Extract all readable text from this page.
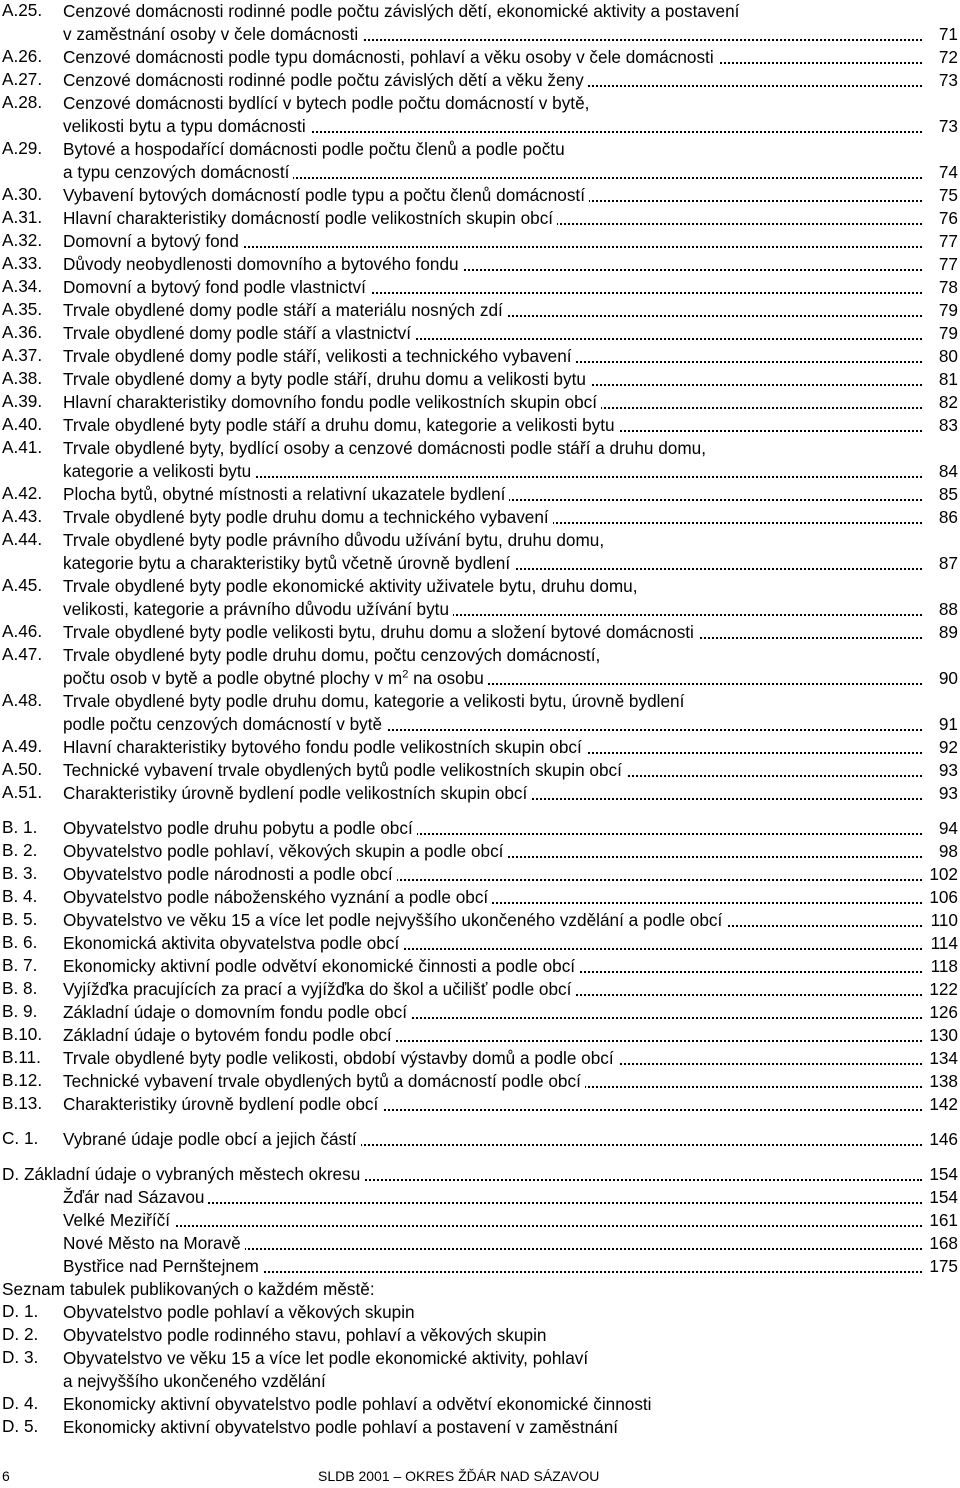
A.25. Cenzové domácnosti rodinné podle počtu závislých dětí, ekonomické aktivity a postavení
v zaměstnání osoby v čele domácnosti	71
A.26. Cenzové domácnosti podle typu domácnosti, pohlaví a věku osoby v čele domácnosti	72
A.27. Cenzové domácnosti rodinné podle počtu závislých dětí a věku ženy	73
A.28. Cenzové domácnosti bydlící v bytech podle počtu domácností v bytě,
velikosti bytu a typu domácnosti	73
A.29. Bytové a hospodařící domácnosti podle počtu členů a podle počtu
a typu cenzových domácností	74
A.30. Vybavení bytových domácností podle typu a počtu členů domácností	75
A.31. Hlavní charakteristiky domácností podle velikostních skupin obcí	76
A.32. Domovní a bytový fond	77
A.33. Důvody neobydlenosti domovního a bytového fondu	77
A.34. Domovní a bytový fond podle vlastnictví	78
A.35. Trvale obydlené domy podle stáří a materiálu nosných zdí	79
A.36. Trvale obydlené domy podle stáří a vlastnictví	79
A.37. Trvale obydlené domy podle stáří, velikosti a technického vybavení	80
A.38. Trvale obydlené domy a byty podle stáří, druhu domu a velikosti bytu	81
A.39. Hlavní charakteristiky domovního fondu podle velikostních skupin obcí	82
A.40. Trvale obydlené byty podle stáří a druhu domu, kategorie a velikosti bytu	83
A.41. Trvale obydlené byty, bydlící osoby a cenzové domácnosti podle stáří a druhu domu,
kategorie a velikosti bytu	84
A.42. Plocha bytů, obytné místnosti a relativní ukazatele bydlení	85
A.43. Trvale obydlené byty podle druhu domu a technického vybavení	86
A.44. Trvale obydlené byty podle právního důvodu užívání bytu, druhu domu,
kategorie bytu a charakteristiky bytů včetně úrovně bydlení	87
A.45. Trvale obydlené byty podle ekonomické aktivity uživatele bytu, druhu domu,
velikosti, kategorie a právního důvodu užívání bytu	88
A.46. Trvale obydlené byty podle velikosti bytu, druhu domu a složení bytové domácnosti	89
A.47. Trvale obydlené byty podle druhu domu, počtu cenzových domácností,
počtu osob v bytě a podle obytné plochy v $m^2$ na osobu	90
A.48. Trvale obydlené byty podle druhu domu, kategorie a velikosti bytu, úrovně bydlení
podle počtu cenzových domácností v bytě	91
A.49. Hlavní charakteristiky bytového fondu podle velikostních skupin obcí	92
A.50. Technické vybavení trvale obydlených bytů podle velikostních skupin obcí	93
A.51. Charakteristiky úrovně bydlení podle velikostních skupin obcí	93
B. 1. Obyvatelstvo podle druhu pobytu a podle obcí	94
B. 2. Obyvatelstvo podle pohlaví, věkových skupin a podle obcí	98
B. 3. Obyvatelstvo podle národnosti a podle obcí	102
B. 4. Obyvatelstvo podle náboženského vyznání a podle obcí	106
B. 5. Obyvatelstvo ve věku 15 a více let podle nejvyššího ukončeného vzdělání a podle obcí	110
B. 6. Ekonomická aktivita obyvatelstva podle obcí	114
B. 7. Ekonomicky aktivní podle odvětví ekonomické činnosti a podle obcí	118
B. 8. Vyjížďka pracujících za prací a vyjížďka do škol a učilišť podle obcí	122
B. 9. Základní údaje o domovním fondu podle obcí	126
B.10. Základní údaje o bytovém fondu podle obcí	130
B.11. Trvale obydlené byty podle velikosti, období výstavby domů a podle obcí	134
B.12. Technické vybavení trvale obydlených bytů a domácností podle obcí	138
B.13. Charakteristiky úrovně bydlení podle obcí	142
C. 1. Vybrané údaje podle obcí a jejich částí	146
D. Základní údaje o vybraných městech okresu	154
Žďár nad Sázavou	154
Velké Meziříčí	161
Nové Město na Moravě	168
Bystřice nad Pernštejnem	175
Seznam tabulek publikovaných o každém městě:
D. 1. Obyvatelstvo podle pohlaví a věkových skupin
D. 2. Obyvatelstvo podle rodinného stavu, pohlaví a věkových skupin
D. 3. Obyvatelstvo ve věku 15 a více let podle ekonomické aktivity, pohlaví
a nejvyššího ukončeného vzdělání
D. 4. Ekonomicky aktivní obyvatelstvo podle pohlaví a odvětví ekonomické činnosti
D. 5. Ekonomicky aktivní obyvatelstvo podle pohlaví a postavení v zaměstnání
6	SLDB 2001 – OKRES ŽĎÁR NAD SÁZAVOU
